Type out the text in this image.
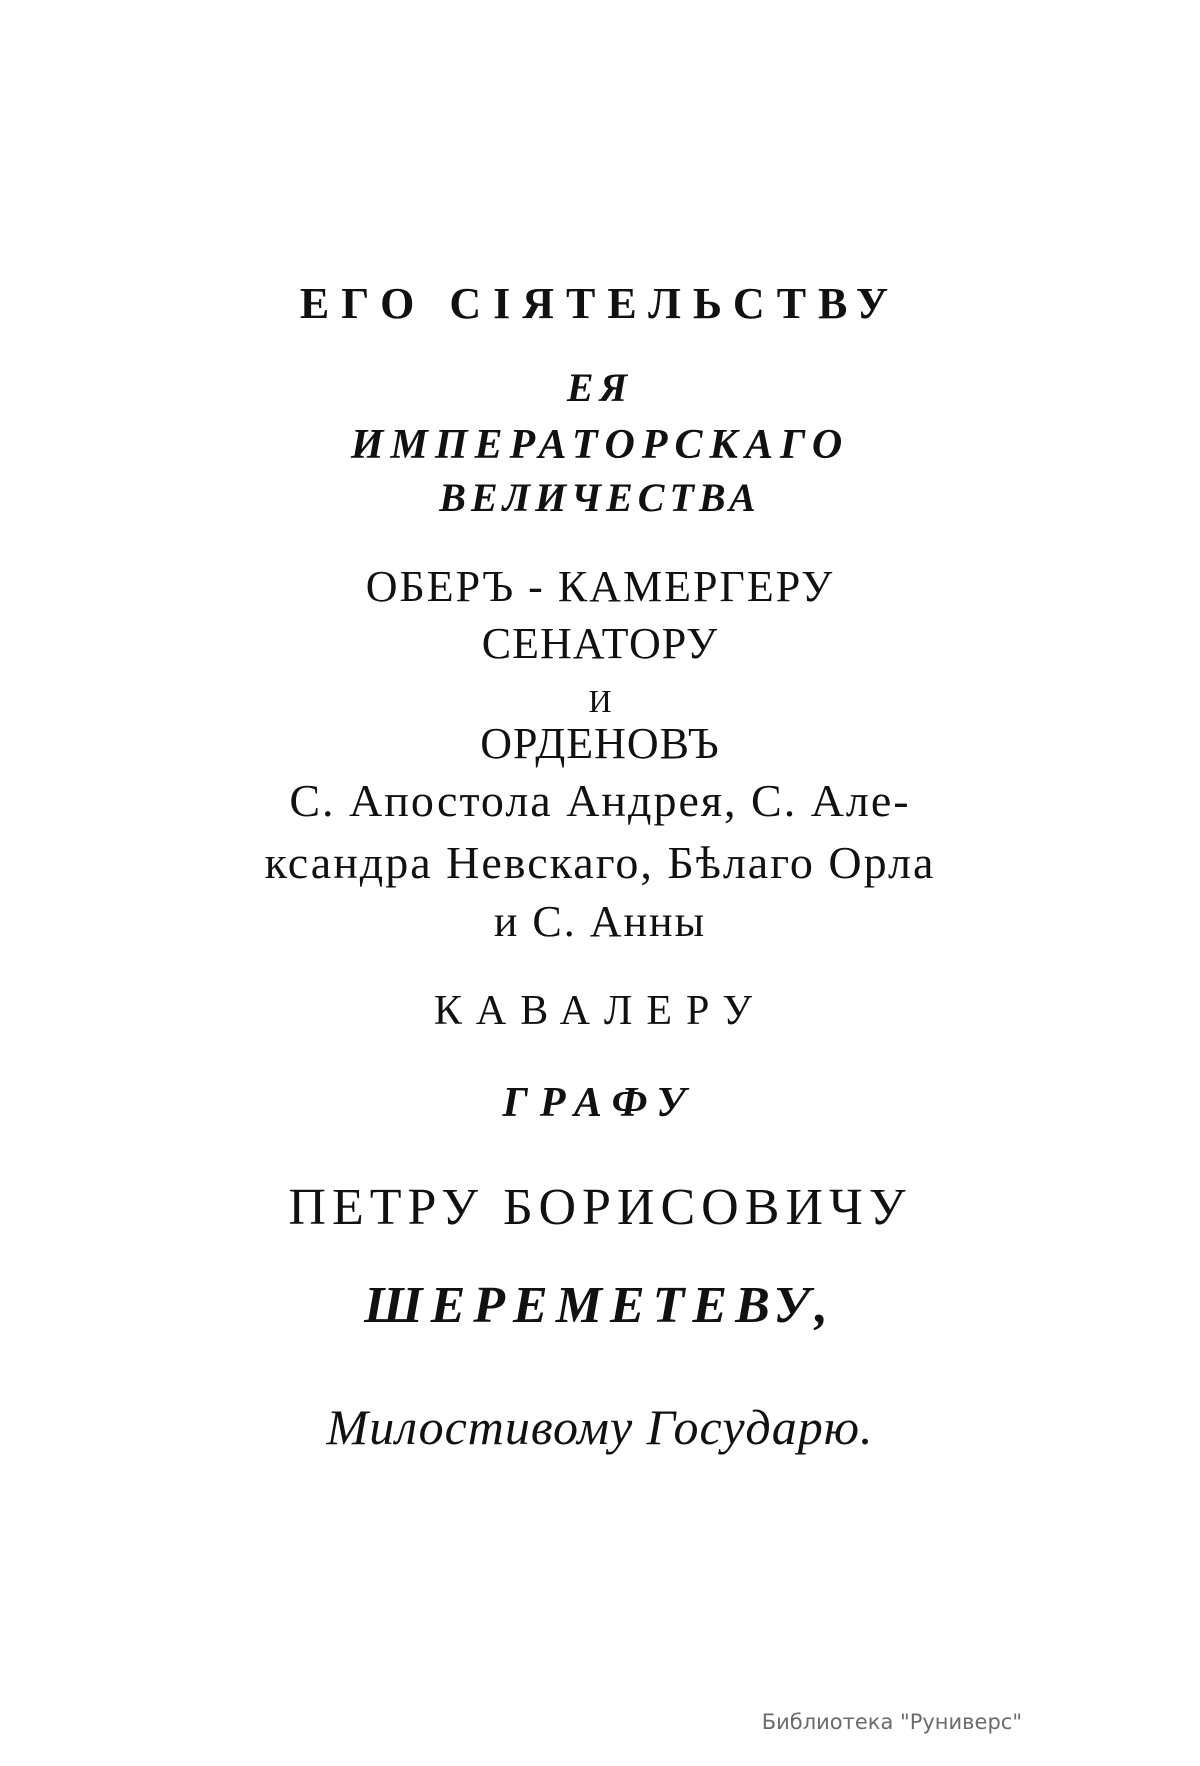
ЕГО СІЯТЕЛЬСТВУ
ЕЯ
ИМПЕРАТОРСКАГО
ВЕЛИЧЕСТВА
ОБЕРЪ - КАМЕРГЕРУ
СЕНАТОРУ
И
ОРДЕНОВЪ
С. Апостола Андрея, С. Але-
ксандра Невскаго, Бѣлаго Орла
и С. Анны
КАВАЛЕРУ
ГРАФУ
ПЕТРУ БОРИСОВИЧУ
ШЕРЕМЕТЕВУ,
Милостивому Государю.
Библиотека "Руниверс"
